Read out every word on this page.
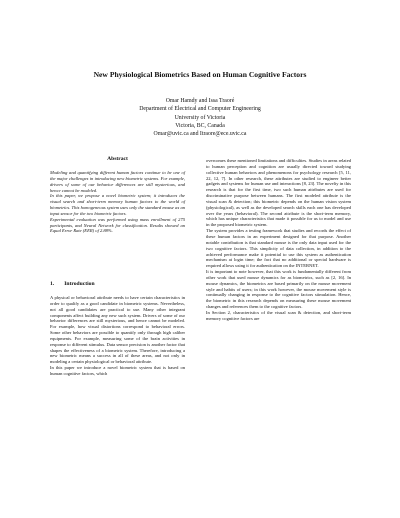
New Physiological Biometrics Based on Human Cognitive Factors
Omar Hamdy and Issa Traoré
Department of Electrical and Computer Engineering
University of Victoria
Victoria, BC, Canada
Omar@uvic.ca and Itraore@ece.uvic.ca
Abstract

Modeling and quantifying different human factors continue to be one of the major challenges in introducing new biometric systems. For example, drivers of some of our behavior differences are still mysterious, and hence cannot be modeled.

In this paper, we propose a novel biometric system; it introduces the visual search and short-term memory human factors to the world of biometrics. This homogeneous system uses only the standard mouse as an input sensor for the two biometric factors.

Experimental evaluation was performed using mass enrollment of 275 participants, and Neural Network for classification. Results showed an Equal Error Rate (EER) of 2.88%.

1. Introduction

A physical or behavioral attribute needs to have certain characteristics in order to qualify as a good candidate in biometric systems. Nevertheless, not all good candidates are practical to use. Many other integrant components affect building any new such system. Drivers of some of our behavior differences are still mysterious, and hence cannot be modeled. For example, how visual distortions correspond to behavioral errors. Some other behaviors are possible to quantify only through high caliber equipments. For example, measuring some of the brain activities in response to different stimulus. Data sensor precision is another factor that shapes the effectiveness of a biometric system. Therefore, introducing a new biometric means a success in all of these areas, and not only in modeling a certain physiological or behavioral attribute.

In this paper we introduce a novel biometric system that is based on human cognitive factors, which

overcomes these mentioned limitations and difficulties. Studies in areas related to human perception and cognition are usually directed toward studying collective human behaviors and phenomenons for psychology research [5, 11, 22, 12, 7]. In other research, these attributes are studied to engineer better gadgets and systems for human use and interactions [8, 23]. The novelty in this research is that for the first time, two such human attributes are used for discriminative purpose between humans. The first modeled attribute is the visual scan & detection; this biometric depends on the human vision system (physiological), as well as the developed search skills each one has developed over the years (behavioral). The second attribute is the short-term memory, which has unique characteristics that made it possible for us to model and use in the proposed biometric system.

The system provides a testing framework that studies and records the effect of these human factors in an experiment designed for that purpose. Another notable contribution is that standard mouse is the only data input used for the two cognitive factors. This simplicity of data collection, in addition to the achieved performance make it potential to use this system as authentication mechanism at login time; the fact that no additional or special hardware is required allows using it for authentication on the INTERNET.

It is important to note however, that this work is fundamentally different from other work that used mouse dynamics for as biometrics, such as [2, 16]. In mouse dynamics, the biometrics are based primarily on the mouse movement style and habits of users; in this work however, the mouse movement style is continually changing in response to the cognitive factors stimulation. Hence, the biometric in this research depends on measuring these mouse movement changes and references them to the cognitive factors.

In Section 2, characteristics of the visual scan & detection, and short-term memory cognitive factors are
